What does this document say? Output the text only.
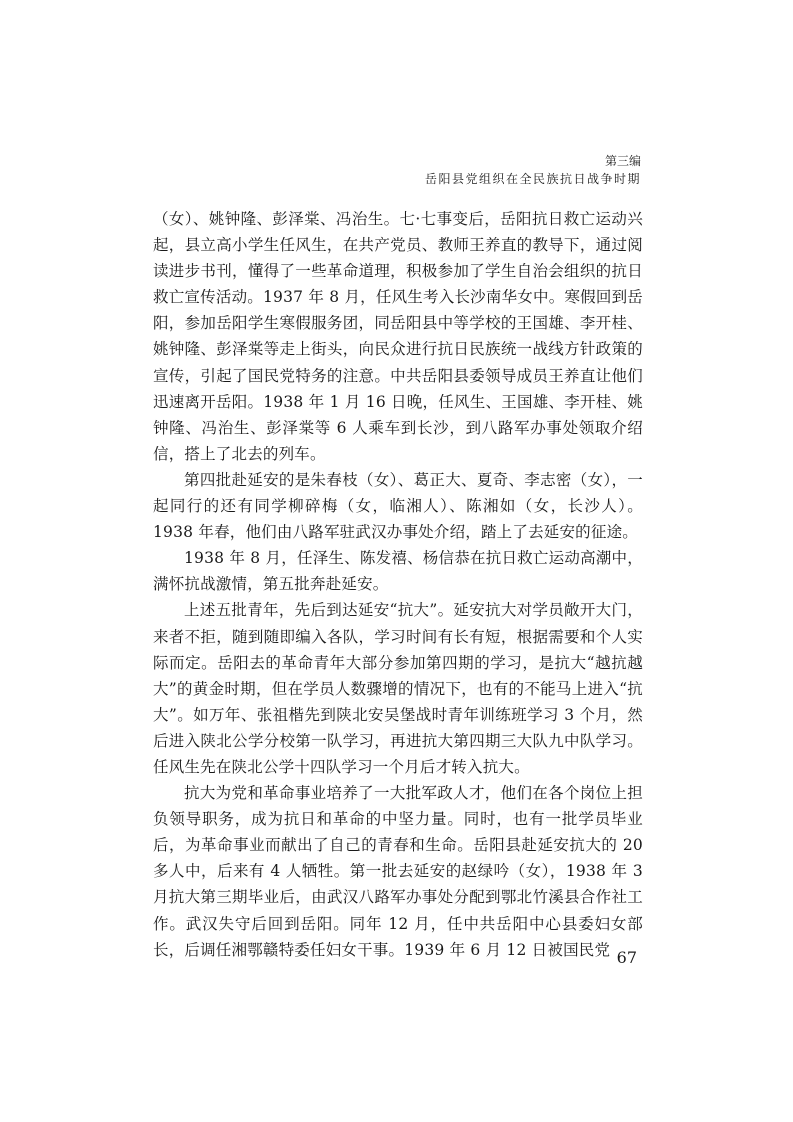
第三编
岳阳县党组织在全民族抗日战争时期

（女）、姚钟隆、彭泽棠、冯治生。七·七事变后，岳阳抗日救亡运动兴起，县立高小学生任风生，在共产党员、教师王养直的教导下，通过阅读进步书刊，懂得了一些革命道理，积极参加了学生自治会组织的抗日救亡宣传活动。1937 年 8 月，任风生考入长沙南华女中。寒假回到岳阳，参加岳阳学生寒假服务团，同岳阳县中等学校的王国雄、李开桂、姚钟隆、彭泽棠等走上街头，向民众进行抗日民族统一战线方针政策的宣传，引起了国民党特务的注意。中共岳阳县委领导成员王养直让他们迅速离开岳阳。1938 年 1 月 16 日晚，任风生、王国雄、李开桂、姚钟隆、冯治生、彭泽棠等 6 人乘车到长沙，到八路军办事处领取介绍信，搭上了北去的列车。

第四批赴延安的是朱春枝（女）、葛正大、夏奇、李志密（女），一起同行的还有同学柳碎梅（女，临湘人）、陈湘如（女，长沙人）。1938 年春，他们由八路军驻武汉办事处介绍，踏上了去延安的征途。

1938 年 8 月，任泽生、陈发禧、杨信恭在抗日救亡运动高潮中，满怀抗战激情，第五批奔赴延安。

上述五批青年，先后到达延安“抗大”。延安抗大对学员敞开大门，来者不拒，随到随即编入各队，学习时间有长有短，根据需要和个人实际而定。岳阳去的革命青年大部分参加第四期的学习，是抗大“越抗越大”的黄金时期，但在学员人数骤增的情况下，也有的不能马上进入“抗大”。如万年、张祖楷先到陕北安吴堡战时青年训练班学习 3 个月，然后进入陕北公学分校第一队学习，再进抗大第四期三大队九中队学习。任风生先在陕北公学十四队学习一个月后才转入抗大。

抗大为党和革命事业培养了一大批军政人才，他们在各个岗位上担负领导职务，成为抗日和革命的中坚力量。同时，也有一批学员毕业后，为革命事业而献出了自己的青春和生命。岳阳县赴延安抗大的 20 多人中，后来有 4 人牺牲。第一批去延安的赵绿吟（女），1938 年 3 月抗大第三期毕业后，由武汉八路军办事处分配到鄂北竹溪县合作社工作。武汉失守后回到岳阳。同年 12 月，任中共岳阳中心县委妇女部长，后调任湘鄂赣特委任妇女干事。1939 年 6 月 12 日被国民党 67
